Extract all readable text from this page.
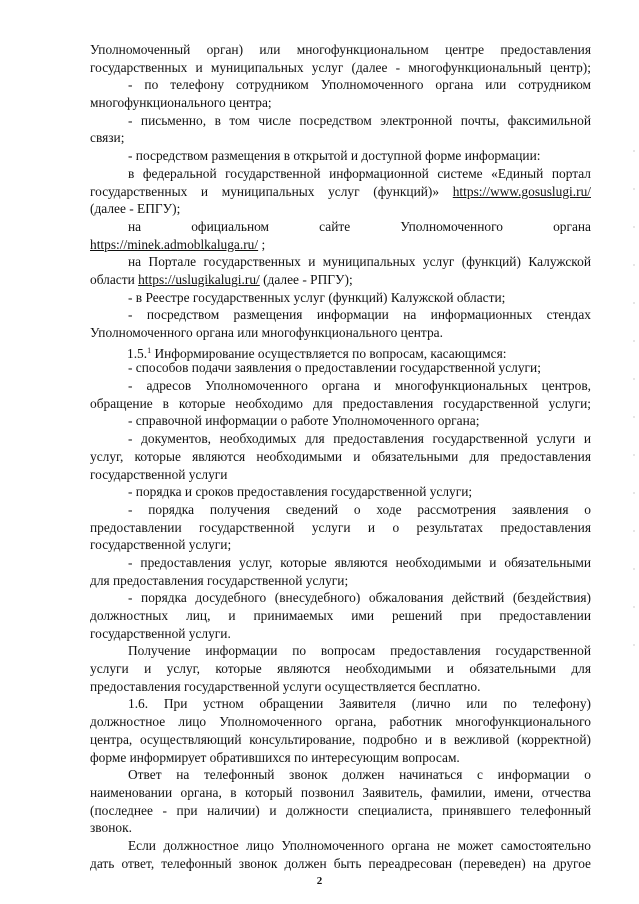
Уполномоченный орган) или многофункциональном центре предоставления
государственных и муниципальных услуг (далее - многофункциональный центр);
- по телефону сотрудником Уполномоченного органа или сотрудником
многофункционального центра;
- письменно, в том числе посредством электронной почты, факсимильной
связи;
- посредством размещения в открытой и доступной форме информации:
в федеральной государственной информационной системе «Единый портал
государственных и муниципальных услуг (функций)» https://www.gosuslugi.ru/
(далее - ЕПГУ);
на официальном сайте Уполномоченного органа
https://minek.admoblkaluga.ru/ ;
на Портале государственных и муниципальных услуг (функций) Калужской
области https://uslugikalugi.ru/ (далее - РПГУ);
- в Реестре государственных услуг (функций) Калужской области;
- посредством размещения информации на информационных стендах
Уполномоченного органа или многофункционального центра.
1.5.$^1$ Информирование осуществляется по вопросам, касающимся:
- способов подачи заявления о предоставлении государственной услуги;
- адресов Уполномоченного органа и многофункциональных центров,
обращение в которые необходимо для предоставления государственной услуги;
- справочной информации о работе Уполномоченного органа;
- документов, необходимых для предоставления государственной услуги и
услуг, которые являются необходимыми и обязательными для предоставления
государственной услуги
- порядка и сроков предоставления государственной услуги;
- порядка получения сведений о ходе рассмотрения заявления о
предоставлении государственной услуги и о результатах предоставления
государственной услуги;
- предоставления услуг, которые являются необходимыми и обязательными
для предоставления государственной услуги;
- порядка досудебного (внесудебного) обжалования действий (бездействия)
должностных лиц, и принимаемых ими решений при предоставлении
государственной услуги.
Получение информации по вопросам предоставления государственной
услуги и услуг, которые являются необходимыми и обязательными для
предоставления государственной услуги осуществляется бесплатно.
1.6. При устном обращении Заявителя (лично или по телефону)
должностное лицо Уполномоченного органа, работник многофункционального
центра, осуществляющий консультирование, подробно и в вежливой (корректной)
форме информирует обратившихся по интересующим вопросам.
Ответ на телефонный звонок должен начинаться с информации о
наименовании органа, в который позвонил Заявитель, фамилии, имени, отчества
(последнее - при наличии) и должности специалиста, принявшего телефонный
звонок.
Если должностное лицо Уполномоченного органа не может самостоятельно
дать ответ, телефонный звонок должен быть переадресован (переведен) на другое
2
